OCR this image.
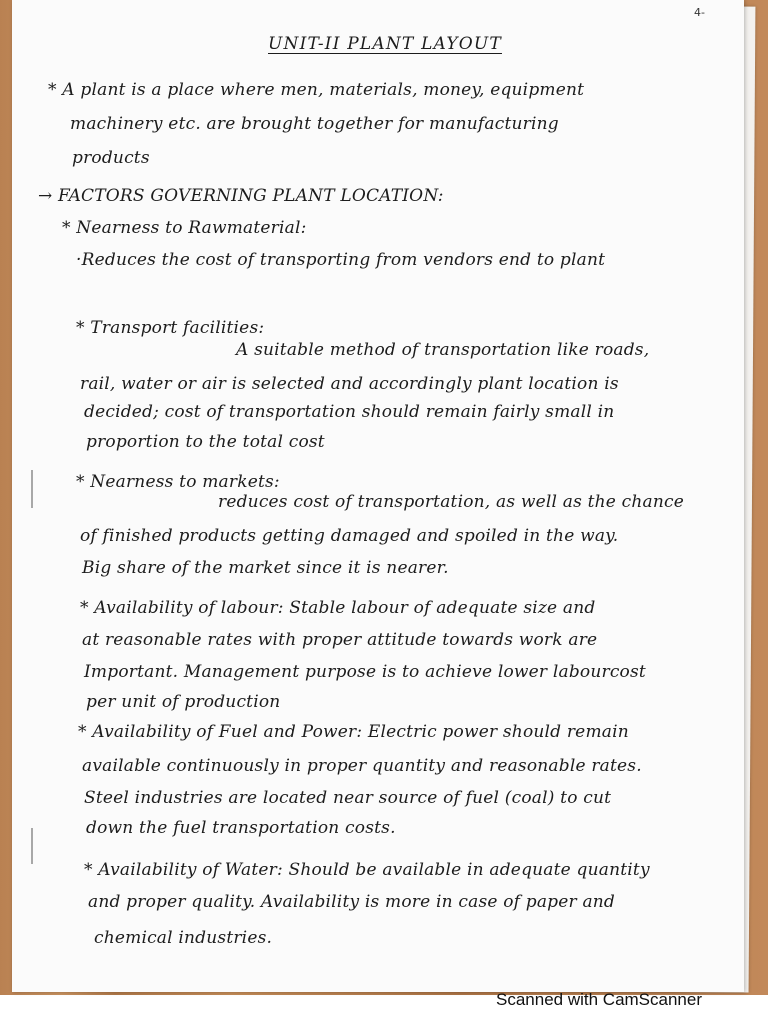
4-
UNIT-II PLANT LAYOUT
* A plant is a place where men, materials, money, equipment
machinery etc. are brought together for manufacturing
products
→ FACTORS GOVERNING PLANT LOCATION:
* Nearness to Rawmaterial:
·Reduces the cost of transporting from vendors end to plant
* Transport facilities:
A suitable method of transportation like roads,
rail, water or air is selected and accordingly plant location is
decided; cost of transportation should remain fairly small in
proportion to the total cost
* Nearness to markets:
reduces cost of transportation, as well as the chance
of finished products getting damaged and spoiled in the way.
Big share of the market since it is nearer.
* Availability of labour: Stable labour of adequate size and
at reasonable rates with proper attitude towards work are
Important. Management purpose is to achieve lower labourcost
per unit of production
* Availability of Fuel and Power: Electric power should remain
available continuously in proper quantity and reasonable rates.
Steel industries are located near source of fuel (coal) to cut
down the fuel transportation costs.
* Availability of Water: Should be available in adequate quantity
and proper quality. Availability is more in case of paper and
chemical industries.
Scanned with CamScanner
